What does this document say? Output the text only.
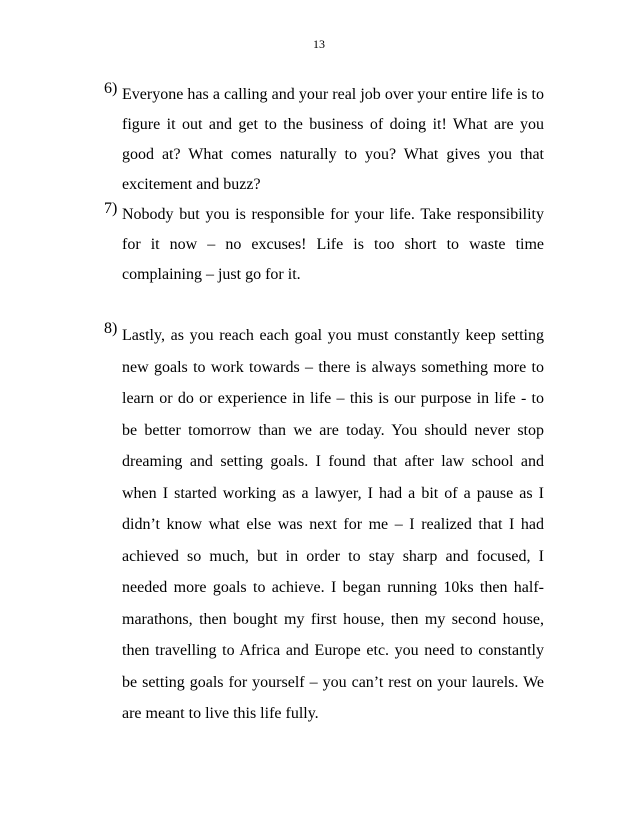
13
6) Everyone has a calling and your real job over your entire life is to figure it out and get to the business of doing it! What are you good at? What comes naturally to you? What gives you that excitement and buzz?

7) Nobody but you is responsible for your life. Take responsibility for it now – no excuses! Life is too short to waste time complaining – just go for it.

8) Lastly, as you reach each goal you must constantly keep setting new goals to work towards – there is always something more to learn or do or experience in life – this is our purpose in life - to be better tomorrow than we are today. You should never stop dreaming and setting goals. I found that after law school and when I started working as a lawyer, I had a bit of a pause as I didn’t know what else was next for me – I realized that I had achieved so much, but in order to stay sharp and focused, I needed more goals to achieve. I began running 10ks then half-marathons, then bought my first house, then my second house, then travelling to Africa and Europe etc. you need to constantly be setting goals for yourself – you can’t rest on your laurels. We are meant to live this life fully.
